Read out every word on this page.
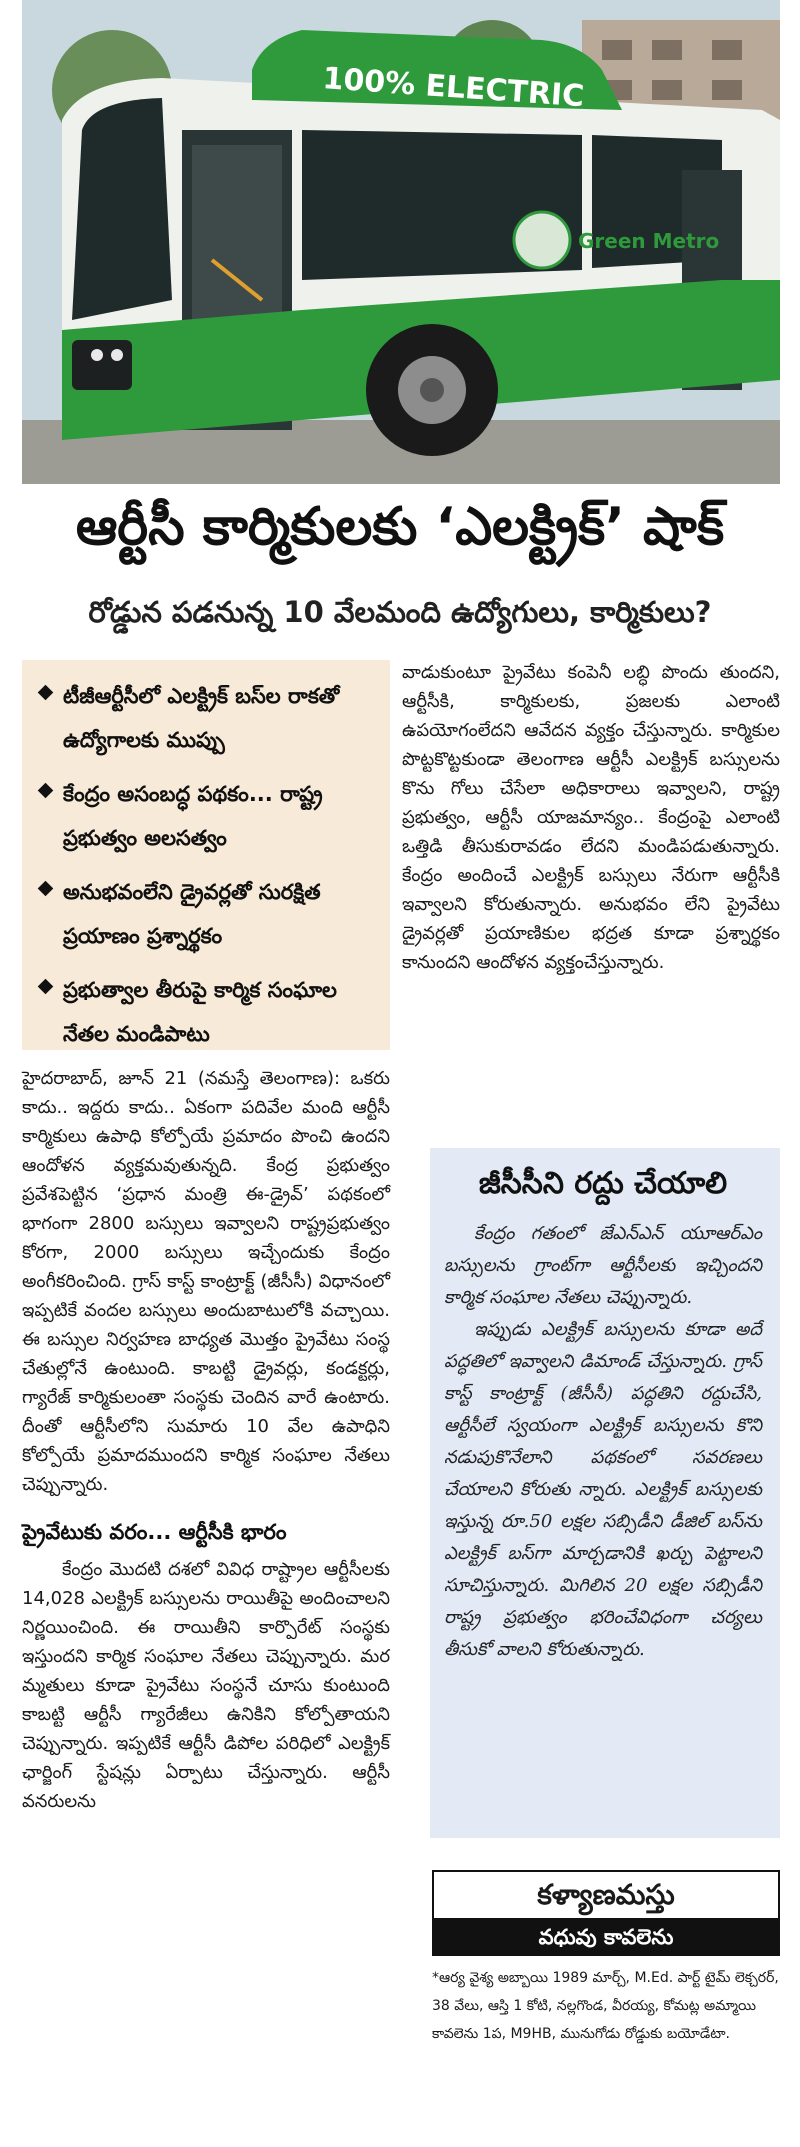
100% ELECTRIC
Green Metro
ఆర్టీసీ కార్మికులకు ‘ఎలక్ట్రిక్’ షాక్
రోడ్డున పడనున్న 10 వేలమంది ఉద్యోగులు, కార్మికులు?
టీజీఆర్టీసీలో ఎలక్ట్రిక్ బస్‌ల రాకతో ఉద్యోగాలకు ముప్పు
కేంద్రం అసంబద్ధ పథకం... రాష్ట్ర ప్రభుత్వం అలసత్వం
అనుభవంలేని డ్రైవర్లతో సురక్షిత ప్రయాణం ప్రశ్నార్థకం
ప్రభుత్వాల తీరుపై కార్మిక సంఘాల నేతల మండిపాటు

హైదరాబాద్, జూన్ 21 (నమస్తే తెలంగాణ): ఒకరు కాదు.. ఇద్దరు కాదు.. ఏకంగా పదివేల మంది ఆర్టీసీ కార్మికులు ఉపాధి కోల్పోయే ప్రమాదం పొంచి ఉందని ఆందోళన వ్యక్తమవుతున్నది. కేంద్ర ప్రభుత్వం ప్రవేశపెట్టిన ‘ప్రధాన మంత్రి ఈ-డ్రైవ్’ పథకంలో భాగంగా 2800 బస్సులు ఇవ్వాలని రాష్ట్రప్రభుత్వం కోరగా, 2000 బస్సులు ఇచ్చేందుకు కేంద్రం అంగీకరించింది. గ్రాస్ కాస్ట్ కాంట్రాక్ట్ (జీసీసీ) విధానంలో ఇప్పటికే వందల బస్సులు అందుబాటులోకి వచ్చాయి. ఈ బస్సుల నిర్వహణ బాధ్యత మొత్తం ప్రైవేటు సంస్థ చేతుల్లోనే ఉంటుంది. కాబట్టి డ్రైవర్లు, కండక్టర్లు, గ్యారేజ్ కార్మికులంతా సంస్థకు చెందిన వారే ఉంటారు. దీంతో ఆర్టీసీలోని సుమారు 10 వేల ఉపాధిని కోల్పోయే ప్రమాదముందని కార్మిక సంఘాల నేతలు చెప్పున్నారు.

ప్రైవేటుకు వరం... ఆర్టీసీకి భారం

కేంద్రం మొదటి దశలో వివిధ రాష్ట్రాల ఆర్టీసీలకు 14,028 ఎలక్ట్రిక్ బస్సులను రాయితీపై అందించాలని నిర్ణయించింది. ఈ రాయితీని కార్పొరేట్ సంస్థకు ఇస్తుందని కార్మిక సంఘాల నేతలు చెప్పున్నారు. మర మ్మతులు కూడా ప్రైవేటు సంస్థనే చూసు కుంటుంది కాబట్టి ఆర్టీసీ గ్యారేజీలు ఉనికిని కోల్పోతాయని చెప్పున్నారు. ఇప్పటికే ఆర్టీసీ డిపోల పరిధిలో ఎలక్ట్రిక్ ఛార్జింగ్ స్టేషన్లు ఏర్పాటు చేస్తున్నారు. ఆర్టీసీ వనరులను

వాడుకుంటూ ప్రైవేటు కంపెనీ లబ్ధి పొందు తుందని, ఆర్టీసీకి, కార్మికులకు, ప్రజలకు ఎలాంటి ఉపయోగంలేదని ఆవేదన వ్యక్తం చేస్తున్నారు. కార్మికుల పొట్టకొట్టకుండా తెలంగాణ ఆర్టీసీ ఎలక్ట్రిక్ బస్సులను కొను గోలు చేసేలా అధికారాలు ఇవ్వాలని, రాష్ట్ర ప్రభుత్వం, ఆర్టీసీ యాజమాన్యం.. కేంద్రంపై ఎలాంటి ఒత్తిడి తీసుకురావడం లేదని మండిపడుతున్నారు. కేంద్రం అందించే ఎలక్ట్రిక్ బస్సులు నేరుగా ఆర్టీసీకి ఇవ్వాలని కోరుతున్నారు. అనుభవం లేని ప్రైవేటు డ్రైవర్లతో ప్రయాణికుల భద్రత కూడా ప్రశ్నార్థకం కానుందని ఆందోళన వ్యక్తంచేస్తున్నారు.

జీసీసీని రద్దు చేయాలి

కేంద్రం గతంలో జేఎన్ఎన్ యూఆర్ఎం బస్సులను గ్రాంట్‌గా ఆర్టీసీలకు ఇచ్చిందని కార్మిక సంఘాల నేతలు చెప్పున్నారు.

ఇప్పుడు ఎలక్ట్రిక్ బస్సులను కూడా అదే పద్ధతిలో ఇవ్వాలని డిమాండ్ చేస్తున్నారు. గ్రాస్ కాస్ట్ కాంట్రాక్ట్ (జీసీసీ) పద్ధతిని రద్దుచేసి, ఆర్టీసీలే స్వయంగా ఎలక్ట్రిక్ బస్సులను కొని నడుపుకొనేలాని పథకంలో సవరణలు చేయాలని కోరుతు న్నారు. ఎలక్ట్రిక్ బస్సులకు ఇస్తున్న రూ.50 లక్షల సబ్సిడీని డీజిల్ బస్‌ను ఎలక్ట్రిక్ బస్‌గా మార్చడానికి ఖర్చు పెట్టాలని సూచిస్తున్నారు. మిగిలిన 20 లక్షల సబ్సిడీని రాష్ట్ర ప్రభుత్వం భరించేవిధంగా చర్యలు తీసుకో వాలని కోరుతున్నారు.

కళ్యాణమస్తు
వధువు కావలెను

*ఆర్య వైశ్య అబ్బాయి 1989 మార్చ్, M.Ed. పార్ట్ టైమ్ లెక్చరర్, 38 వేలు, ఆస్తి 1 కోటి, నల్లగొండ, వీరయ్య, కోమట్ల అమ్మాయి కావలెను 1ప, M9HB, మునుగోడు రోడ్డుకు బయోడేటా.
